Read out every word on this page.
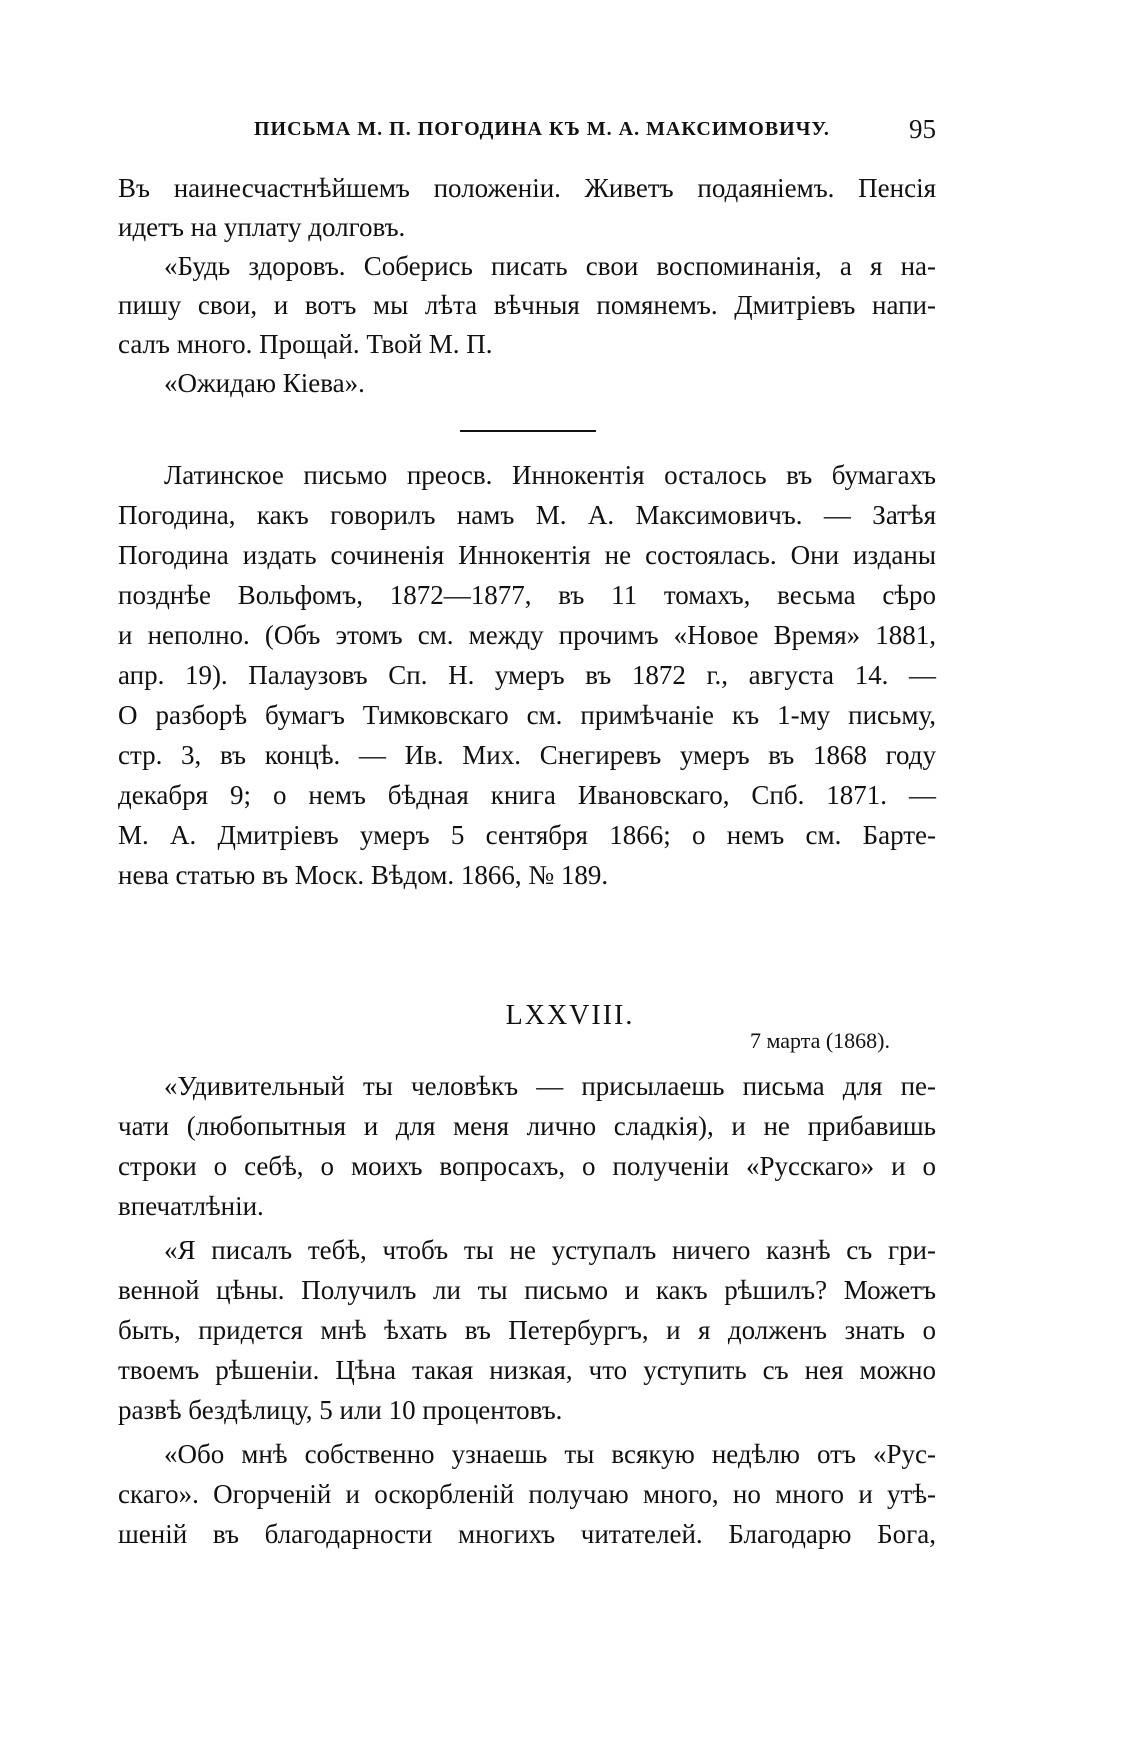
ПИСЬМА М. П. ПОГОДИНА КЪ М. А. МАКСИМОВИЧУ.	95
Въ наинесчастнѣйшемъ положеніи. Живетъ подаяніемъ. Пенсія
идетъ на уплату долговъ.
«Будь здоровъ. Соберись писать свои воспоминанія, а я на-
пишу свои, и вотъ мы лѣта вѣчныя помянемъ. Дмитріевъ напи-
салъ много. Прощай. Твой М. П.
«Ожидаю Кіева».
Латинское письмо преосв. Иннокентія осталось въ бумагахъ
Погодина, какъ говорилъ намъ М. А. Максимовичъ. — Затѣя
Погодина издать сочиненія Иннокентія не состоялась. Они изданы
позднѣе Вольфомъ, 1872—1877, въ 11 томахъ, весьма сѣро
и неполно. (Объ этомъ см. между прочимъ «Новое Время» 1881,
апр. 19). Палаузовъ Сп. Н. умеръ въ 1872 г., августа 14. —
О разборѣ бумагъ Тимковскаго см. примѣчаніе къ 1-му письму,
стр. 3, въ концѣ. — Ив. Мих. Снегиревъ умеръ въ 1868 году
декабря 9; о немъ бѣдная книга Ивановскаго, Спб. 1871. —
М. А. Дмитріевъ умеръ 5 сентября 1866; о немъ см. Барте-
нева статью въ Моск. Вѣдом. 1866, № 189.
LXXVIII.
7 марта (1868).
«Удивительный ты человѣкъ — присылаешь письма для пе-
чати (любопытныя и для меня лично сладкія), и не прибавишь
строки о себѣ, о моихъ вопросахъ, о полученіи «Русскаго» и о
впечатлѣніи.
«Я писалъ тебѣ, чтобъ ты не уступалъ ничего казнѣ съ гри-
венной цѣны. Получилъ ли ты письмо и какъ рѣшилъ? Можетъ
быть, придется мнѣ ѣхать въ Петербургъ, и я долженъ знать о
твоемъ рѣшеніи. Цѣна такая низкая, что уступить съ нея можно
развѣ бездѣлицу, 5 или 10 процентовъ.
«Обо мнѣ собственно узнаешь ты всякую недѣлю отъ «Рус-
скаго». Огорченій и оскорбленій получаю много, но много и утѣ-
шеній въ благодарности многихъ читателей. Благодарю Бога,
